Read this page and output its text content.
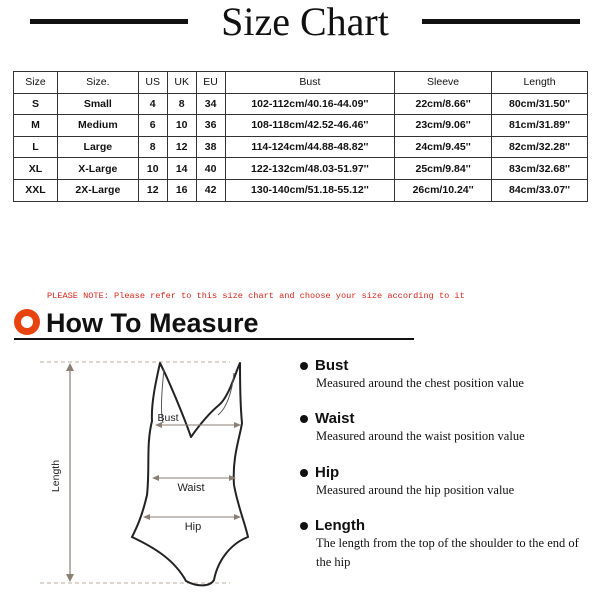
Size Chart
Size	Size.	US	UK	EU	Bust	Sleeve	Length
S	Small	4	8	34	102-112cm/40.16-44.09''	22cm/8.66''	80cm/31.50''
M	Medium	6	10	36	108-118cm/42.52-46.46''	23cm/9.06''	81cm/31.89''
L	Large	8	12	38	114-124cm/44.88-48.82''	24cm/9.45''	82cm/32.28''
XL	X-Large	10	14	40	122-132cm/48.03-51.97''	25cm/9.84''	83cm/32.68''
XXL	2X-Large	12	16	42	130-140cm/51.18-55.12''	26cm/10.24''	84cm/33.07''
PLEASE NOTE: Please refer to this size chart and choose your size according to it
How To Measure
Length
Bust
Waist
Hip
Bust
Measured around the chest position value
Waist
Measured around the waist position value
Hip
Measured around the hip position value
Length
The length from the top of the shoulder to the end of the hip
